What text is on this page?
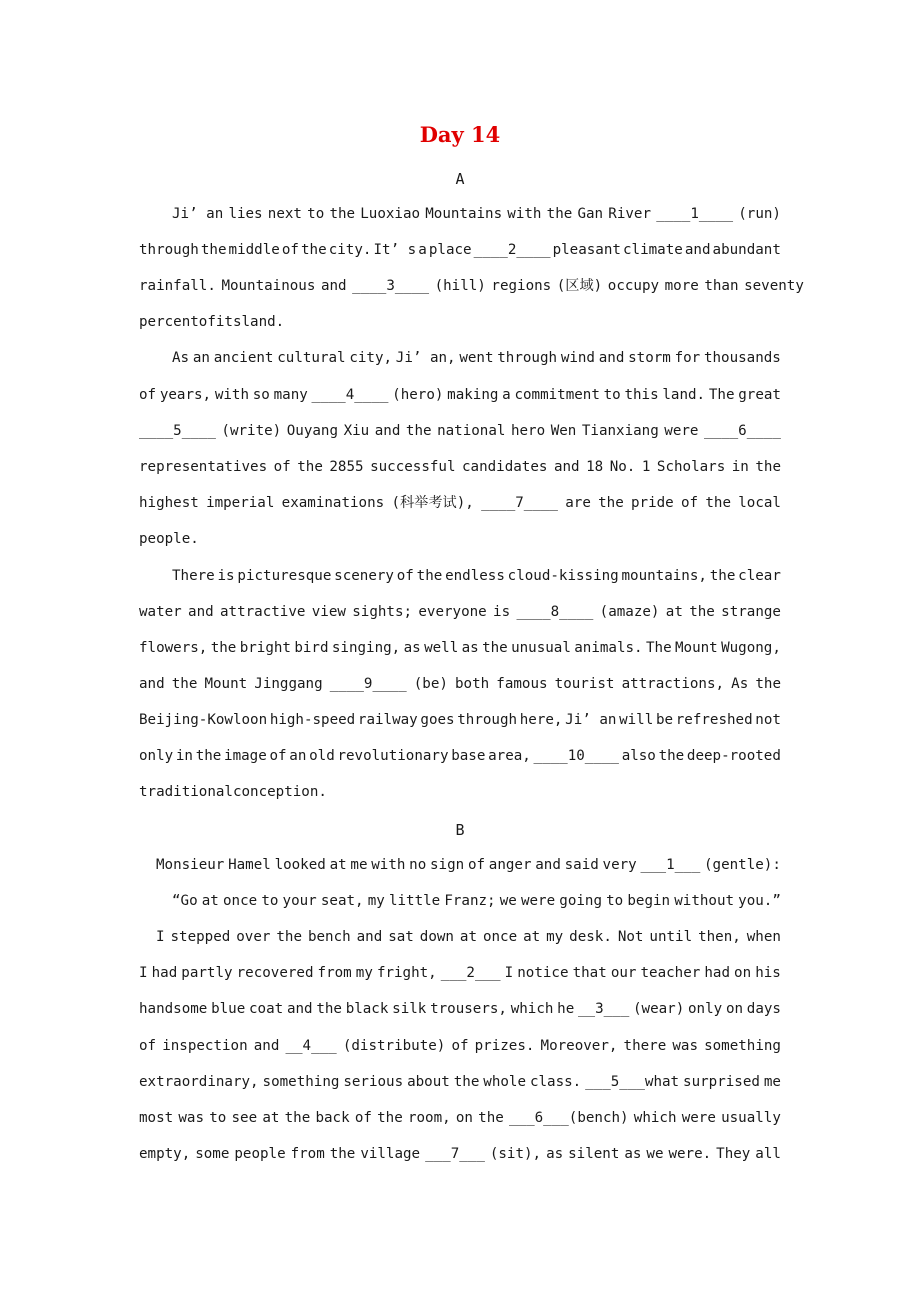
Day 14
A
Ji’ an lies next to the Luoxiao Mountains with the Gan River ____1____ (run)
through the middle of the city. It’ s a place ____2____ pleasant climate and abundant
rainfall. Mountainous and ____3____ (hill) regions (区域) occupy more than seventy
percent of its land.
As an ancient cultural city, Ji’ an, went through wind and storm for thousands
of years, with so many ____4____ (hero) making a commitment to this land. The great
____5____ (write) Ouyang Xiu and the national hero Wen Tianxiang were ____6____
representatives of the 2855 successful candidates and 18 No. 1 Scholars in the
highest imperial examinations (科举考试), ____7____ are the pride of the local
people.
There is picturesque scenery of the endless cloud-kissing mountains, the clear
water and attractive view sights; everyone is ____8____ (amaze) at the strange
flowers, the bright bird singing, as well as the unusual animals. The Mount Wugong,
and the Mount Jinggang ____9____ (be) both famous tourist attractions, As the
Beijing-Kowloon high-speed railway goes through here, Ji’ an will be refreshed not
only in the image of an old revolutionary base area, ____10____ also the deep-rooted
traditional conception.
B
Monsieur Hamel looked at me with no sign of anger and said very ___1___ (gentle):
“Go at once to your seat, my little Franz; we were going to begin without you.”
I stepped over the bench and sat down at once at my desk. Not until then, when
I had partly recovered from my fright, ___2___ I notice that our teacher had on his
handsome blue coat and the black silk trousers, which he __3___ (wear) only on days
of inspection and __4___ (distribute) of prizes. Moreover, there was something
extraordinary, something serious about the whole class. ___5___what surprised me
most was to see at the back of the room, on the ___6___(bench) which were usually
empty, some people from the village ___7___ (sit), as silent as we were. They all
